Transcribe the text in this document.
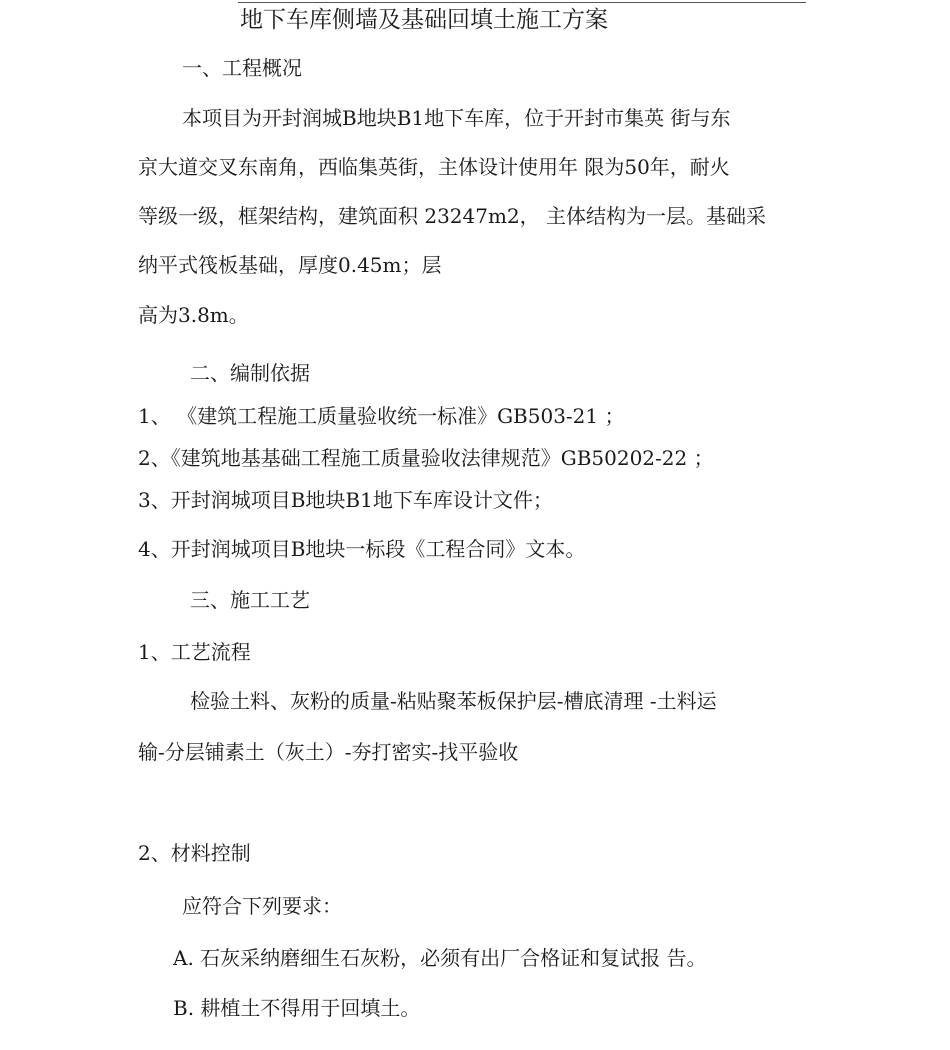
地下车库侧墙及基础回填土施工方案
一、工程概况
本项目为开封润城B地块B1地下车库，位于开封市集英 街与东
京大道交叉东南角，西临集英街，主体设计使用年 限为50年，耐火
等级一级，框架结构，建筑面积 23247m2， 主体结构为一层。基础采
纳平式筏板基础，厚度0.45m；层
高为3.8m。
二、编制依据
1、 《建筑工程施工质量验收统一标准》GB503-21 ；
2、《建筑地基基础工程施工质量验收法律规范》GB50202-22 ；
3、开封润城项目B地块B1地下车库设计文件；
4、开封润城项目B地块一标段《工程合同》文本。
三、施工工艺
1、工艺流程
检验土料、灰粉的质量-粘贴聚苯板保护层-槽底清理 -土料运
输-分层铺素土（灰土）-夯打密实-找平验收
2、材料控制
应符合下列要求：
A. 石灰采纳磨细生石灰粉，必须有出厂合格证和复试报 告。
B. 耕植土不得用于回填土。
